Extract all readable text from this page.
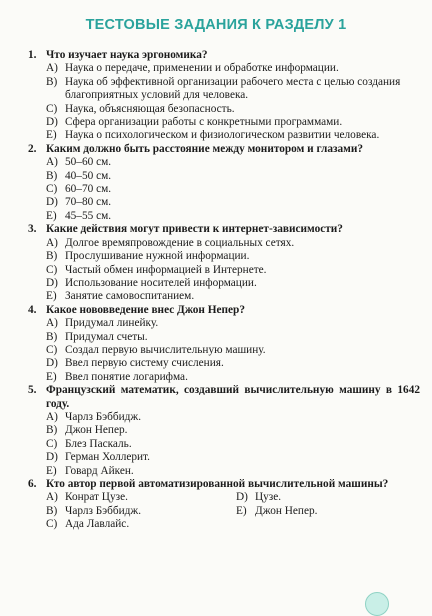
ТЕСТОВЫЕ ЗАДАНИЯ К РАЗДЕЛУ 1
1. Что изучает наука эргономика?
A) Наука о передаче, применении и обработке информации.
B) Наука об эффективной организации рабочего места с целью создания благоприятных условий для человека.
C) Наука, объясняющая безопасность.
D) Сфера организации работы с конкретными программами.
E) Наука о психологическом и физиологическом развитии человека.
2. Каким должно быть расстояние между монитором и глазами?
A) 50–60 см.
B) 40–50 см.
C) 60–70 см.
D) 70–80 см.
E) 45–55 см.
3. Какие действия могут привести к интернет-зависимости?
A) Долгое времяпровождение в социальных сетях.
B) Прослушивание нужной информации.
C) Частый обмен информацией в Интернете.
D) Использование носителей информации.
E) Занятие самовоспитанием.
4. Какое нововведение внес Джон Непер?
A) Придумал линейку.
B) Придумал счеты.
C) Создал первую вычислительную машину.
D) Ввел первую систему счисления.
E) Ввел понятие логарифма.
5. Французский математик, создавший вычислительную машину в 1642 году.
A) Чарлз Бэббидж.
B) Джон Непер.
C) Блез Паскаль.
D) Герман Холлерит.
E) Говард Айкен.
6. Кто автор первой автоматизированной вычислительной машины?
A) Конрат Цузе.	D) Цузе.
B) Чарлз Бэббидж.	E) Джон Непер.
C) Ада Лавлайс.
